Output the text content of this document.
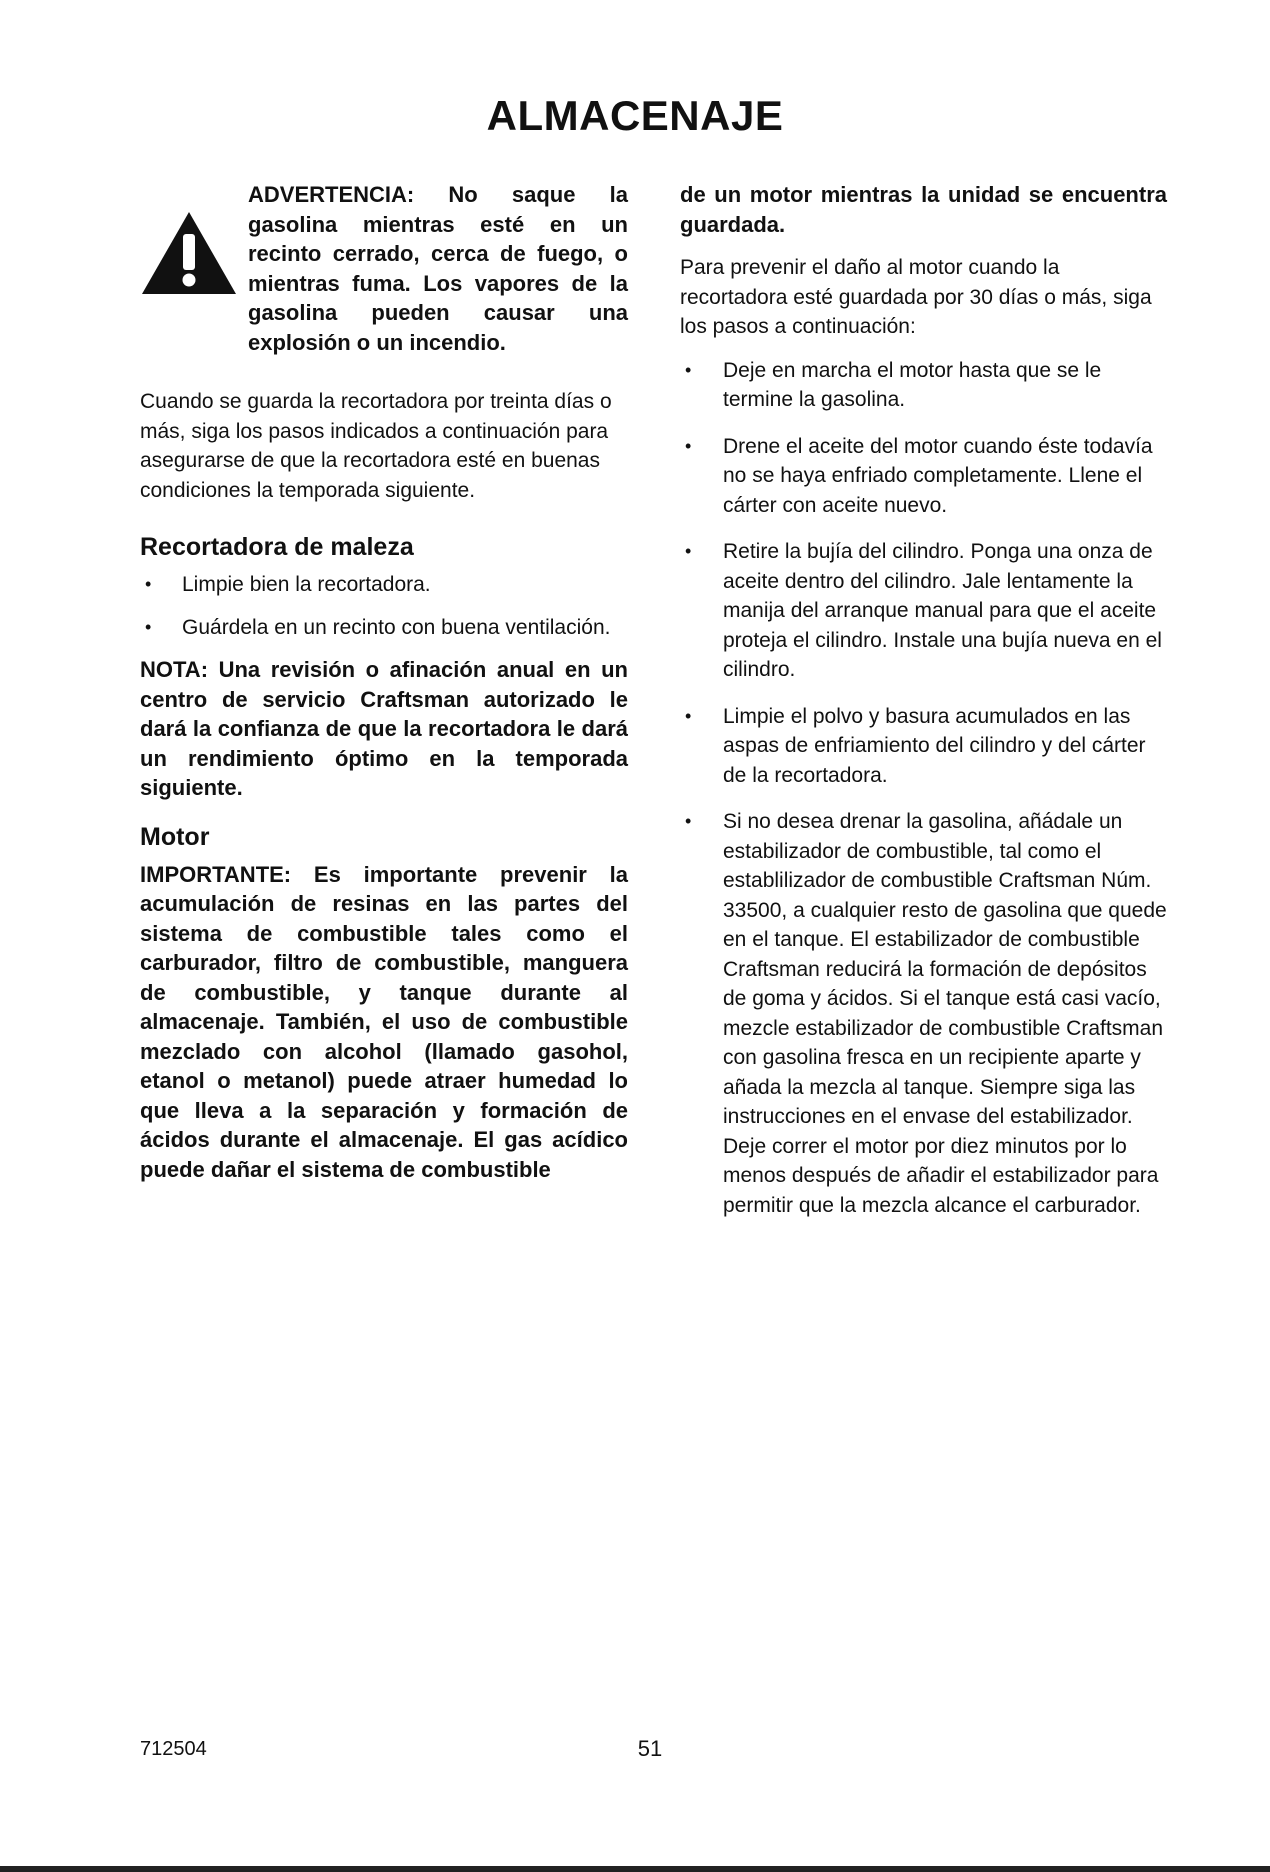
ALMACENAJE

ADVERTENCIA: No saque la gasolina mientras esté en un recinto cerrado, cerca de fuego, o mientras fuma. Los vapores de la gasolina pueden causar una explosión o un incendio.

Cuando se guarda la recortadora por treinta días o más, siga los pasos indicados a continuación para asegurarse de que la recortadora esté en buenas condiciones la temporada siguiente.

Recortadora de maleza
• Limpie bien la recortadora.
• Guárdela en un recinto con buena ventilación.

NOTA: Una revisión o afinación anual en un centro de servicio Craftsman autorizado le dará la confianza de que la recortadora le dará un rendimiento óptimo en la temporada siguiente.

Motor

IMPORTANTE: Es importante prevenir la acumulación de resinas en las partes del sistema de combustible tales como el carburador, filtro de combustible, manguera de combustible, y tanque durante al almacenaje. También, el uso de combustible mezclado con alcohol (llamado gasohol, etanol o metanol) puede atraer humedad lo que lleva a la separación y formación de ácidos durante el almacenaje. El gas acídico puede dañar el sistema de combustible

de un motor mientras la unidad se encuentra guardada.

Para prevenir el daño al motor cuando la recortadora esté guardada por 30 días o más, siga los pasos a continuación:

• Deje en marcha el motor hasta que se le termine la gasolina.
• Drene el aceite del motor cuando éste todavía no se haya enfriado completamente. Llene el cárter con aceite nuevo.
• Retire la bujía del cilindro. Ponga una onza de aceite dentro del cilindro. Jale lentamente la manija del arranque manual para que el aceite proteja el cilindro. Instale una bujía nueva en el cilindro.
• Limpie el polvo y basura acumulados en las aspas de enfriamiento del cilindro y del cárter de la recortadora.
• Si no desea drenar la gasolina, añádale un estabilizador de combustible, tal como el establilizador de combustible Craftsman Núm. 33500, a cualquier resto de gasolina que quede en el tanque. El estabilizador de combustible Craftsman reducirá la formación de depósitos de goma y ácidos. Si el tanque está casi vacío, mezcle estabilizador de combustible Craftsman con gasolina fresca en un recipiente aparte y añada la mezcla al tanque. Siempre siga las instrucciones en el envase del estabilizador. Deje correr el motor por diez minutos por lo menos después de añadir el estabilizador para permitir que la mezcla alcance el carburador.
712504	51
